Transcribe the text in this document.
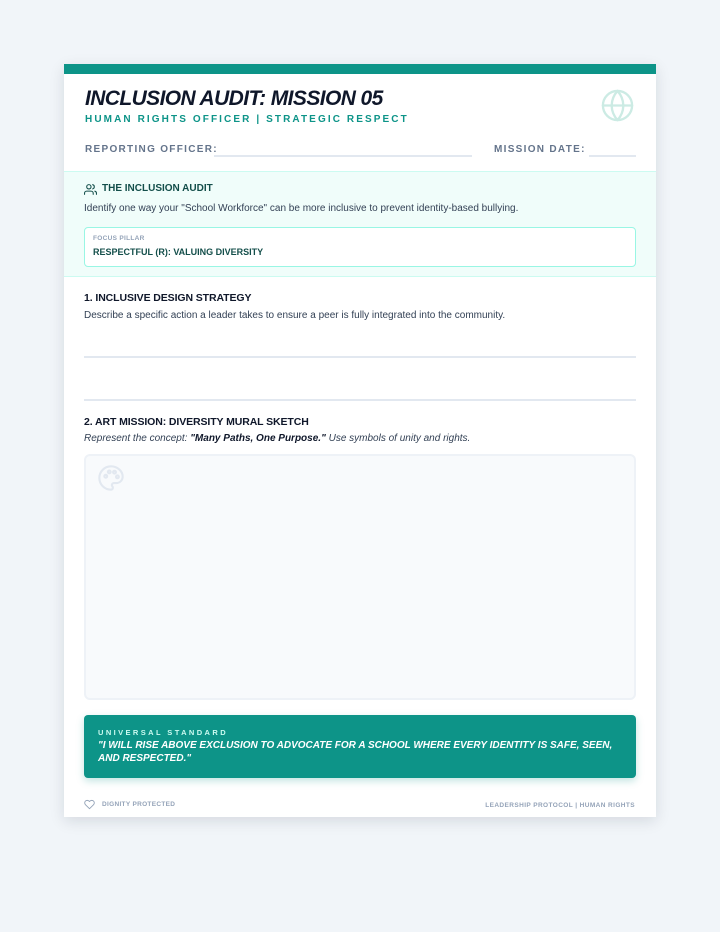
INCLUSION AUDIT: MISSION 05
HUMAN RIGHTS OFFICER | STRATEGIC RESPECT
REPORTING OFFICER:	MISSION DATE:
THE INCLUSION AUDIT
Identify one way your "School Workforce" can be more inclusive to prevent identity-based bullying.
FOCUS PILLAR
RESPECTFUL (R): VALUING DIVERSITY
1. INCLUSIVE DESIGN STRATEGY
Describe a specific action a leader takes to ensure a peer is fully integrated into the community.
2. ART MISSION: DIVERSITY MURAL SKETCH
Represent the concept: "Many Paths, One Purpose." Use symbols of unity and rights.
UNIVERSAL STANDARD
"I WILL RISE ABOVE EXCLUSION TO ADVOCATE FOR A SCHOOL WHERE EVERY IDENTITY IS SAFE, SEEN, AND RESPECTED."
DIGNITY PROTECTED	LEADERSHIP PROTOCOL | HUMAN RIGHTS
